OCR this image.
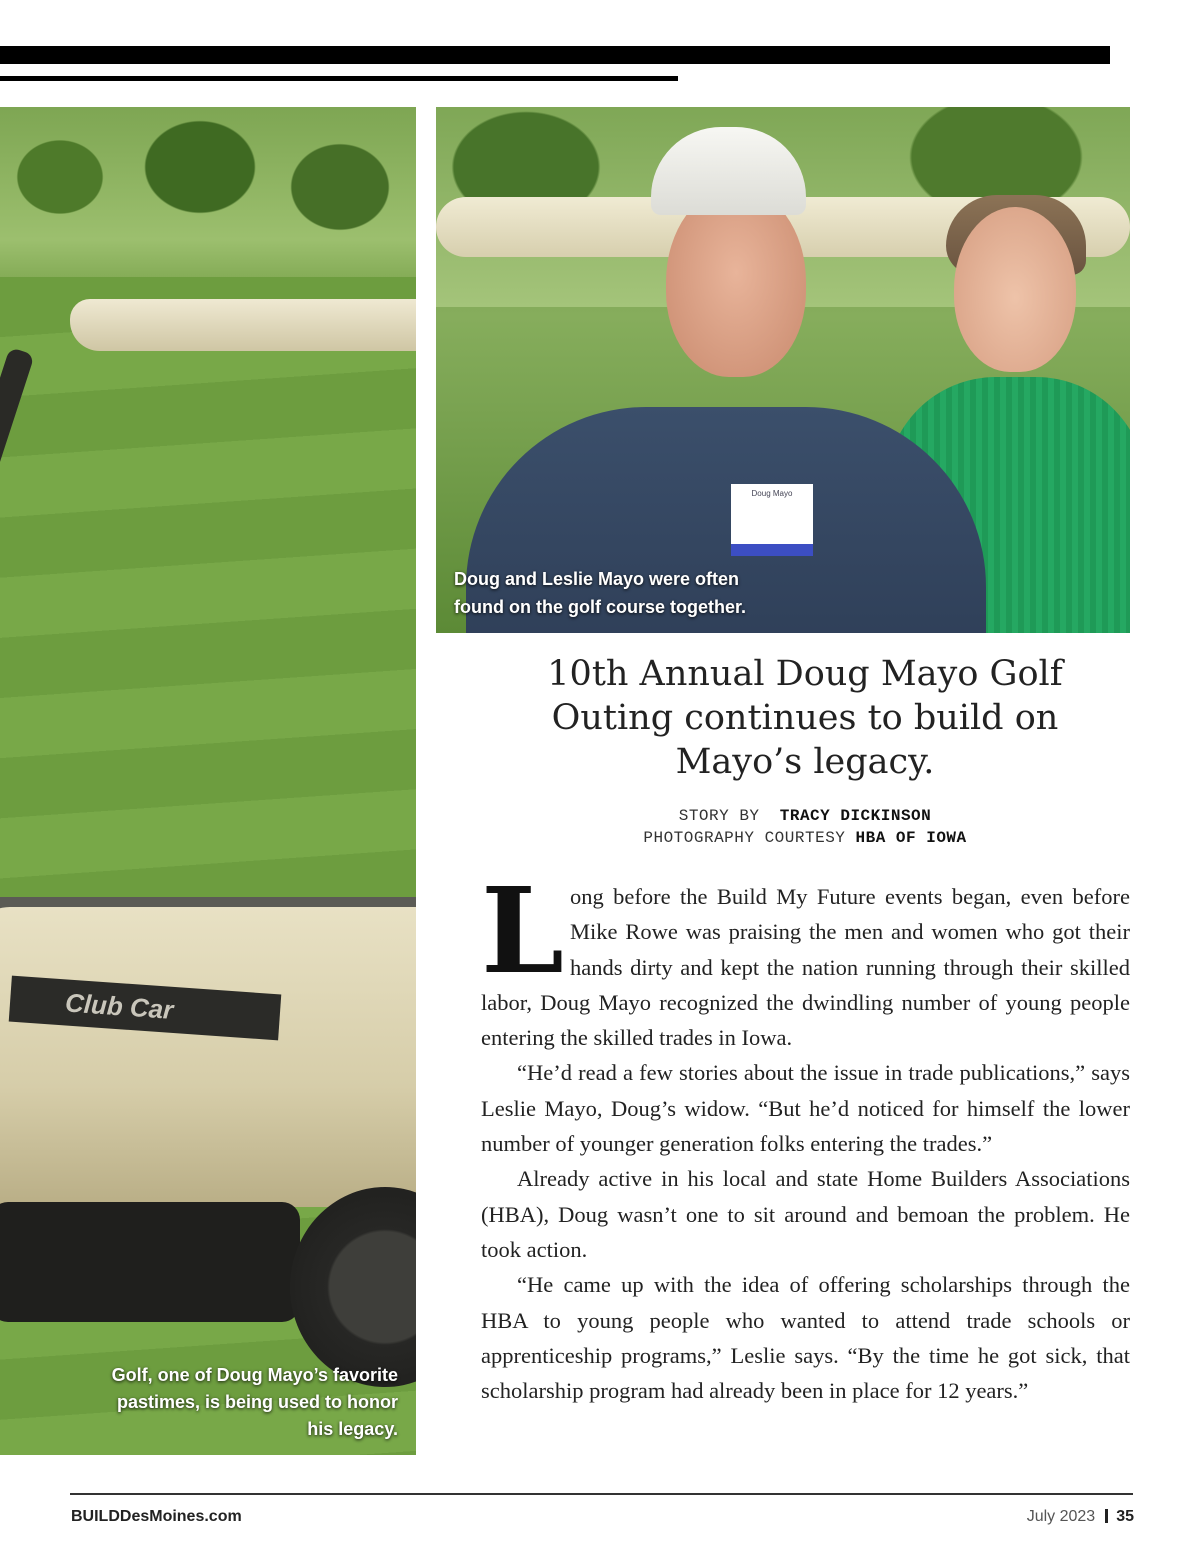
Club Car
Golf, one of Doug Mayo’s favorite pastimes, is being used to honor his legacy.
Doug Mayo
Doug and Leslie Mayo were often found on the golf course together.
10th Annual Doug Mayo Golf Outing continues to build on Mayo’s legacy.
STORY BY TRACY DICKINSON
PHOTOGRAPHY COURTESY HBA OF IOWA

Long before the Build My Future events began, even before Mike Rowe was praising the men and women who got their hands dirty and kept the nation running through their skilled labor, Doug Mayo recognized the dwindling number of young people entering the skilled trades in Iowa.

“He’d read a few stories about the issue in trade publications,” says Leslie Mayo, Doug’s widow. “But he’d noticed for himself the lower number of younger generation folks entering the trades.”

Already active in his local and state Home Builders Associations (HBA), Doug wasn’t one to sit around and bemoan the problem. He took action.

“He came up with the idea of offering scholarships through the HBA to young people who wanted to attend trade schools or apprenticeship programs,” Leslie says. “By the time he got sick, that scholarship program had already been in place for 12 years.”

BUILDDesMoines.com	July 2023 35
